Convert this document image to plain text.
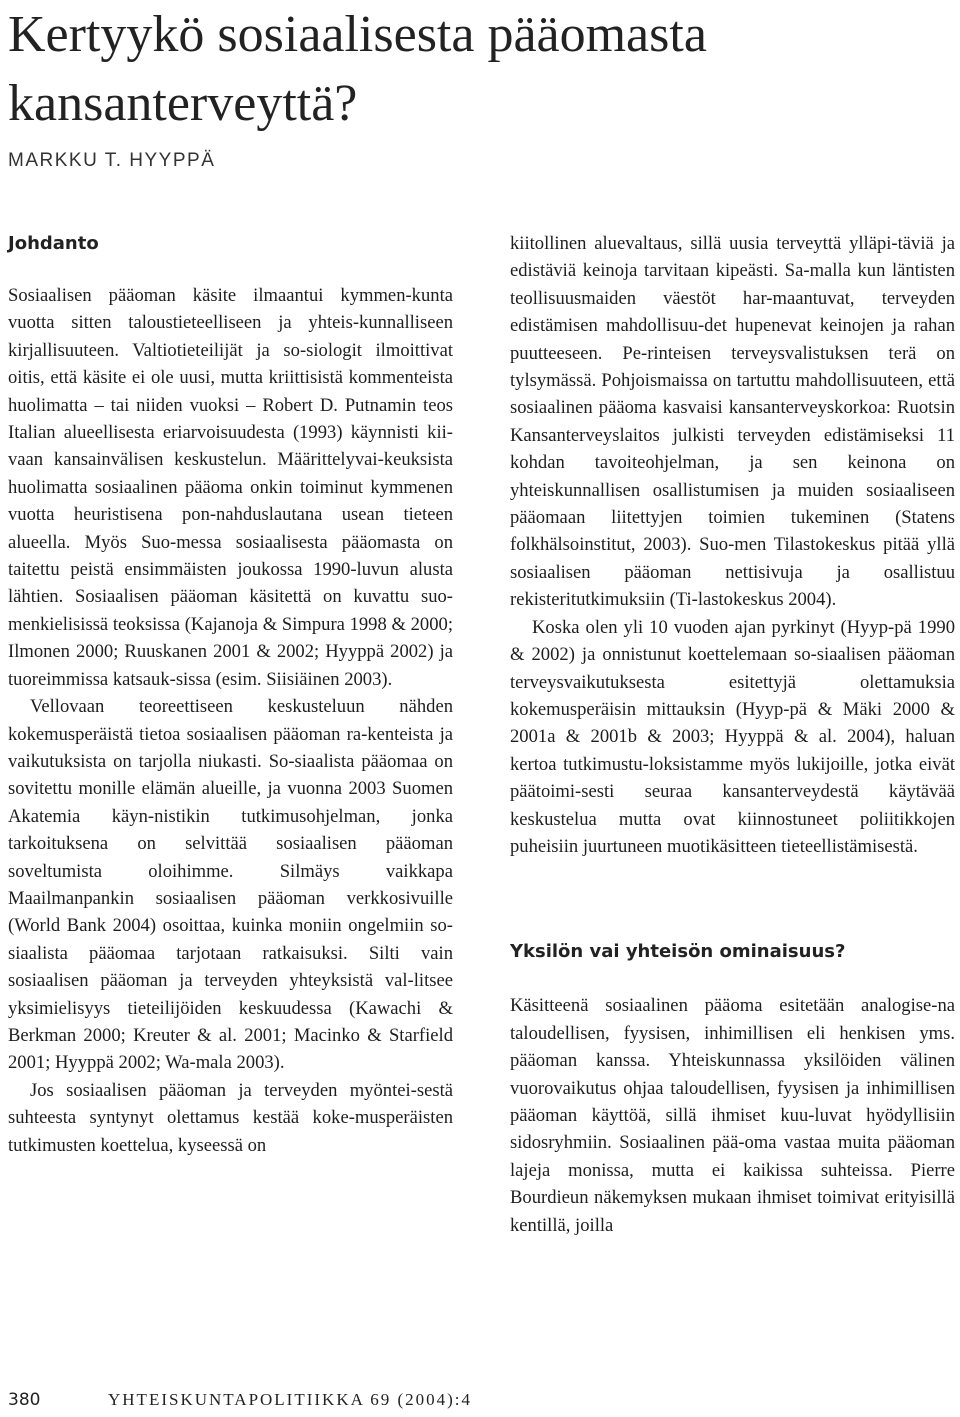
Kertyykö sosiaalisesta pääomasta kansanterveyttä?
MARKKU T. HYYPPÄ
Johdanto

Sosiaalisen pääoman käsite ilmaantui kymmen-kunta vuotta sitten taloustieteelliseen ja yhteis-kunnalliseen kirjallisuuteen. Valtiotieteilijät ja so-siologit ilmoittivat oitis, että käsite ei ole uusi, mutta kriittisistä kommenteista huolimatta – tai niiden vuoksi – Robert D. Putnamin teos Italian alueellisesta eriarvoisuudesta (1993) käynnisti kii-vaan kansainvälisen keskustelun. Määrittelyvai-keuksista huolimatta sosiaalinen pääoma onkin toiminut kymmenen vuotta heuristisena pon-nahduslautana usean tieteen alueella. Myös Suo-messa sosiaalisesta pääomasta on taitettu peistä ensimmäisten joukossa 1990-luvun alusta lähtien. Sosiaalisen pääoman käsitettä on kuvattu suo-menkielisissä teoksissa (Kajanoja & Simpura 1998 & 2000; Ilmonen 2000; Ruuskanen 2001 & 2002; Hyyppä 2002) ja tuoreimmissa katsauk-sissa (esim. Siisiäinen 2003).

Vellovaan teoreettiseen keskusteluun nähden kokemusperäistä tietoa sosiaalisen pääoman ra-kenteista ja vaikutuksista on tarjolla niukasti. So-siaalista pääomaa on sovitettu monille elämän alueille, ja vuonna 2003 Suomen Akatemia käyn-nistikin tutkimusohjelman, jonka tarkoituksena on selvittää sosiaalisen pääoman soveltumista oloihimme. Silmäys vaikkapa Maailmanpankin sosiaalisen pääoman verkkosivuille (World Bank 2004) osoittaa, kuinka moniin ongelmiin so-siaalista pääomaa tarjotaan ratkaisuksi. Silti vain sosiaalisen pääoman ja terveyden yhteyksistä val-litsee yksimielisyys tieteilijöiden keskuudessa (Kawachi & Berkman 2000; Kreuter & al. 2001; Macinko & Starfield 2001; Hyyppä 2002; Wa-mala 2003).

Jos sosiaalisen pääoman ja terveyden myöntei-sestä suhteesta syntynyt olettamus kestää koke-musperäisten tutkimusten koettelua, kyseessä on

kiitollinen aluevaltaus, sillä uusia terveyttä ylläpi-täviä ja edistäviä keinoja tarvitaan kipeästi. Sa-malla kun läntisten teollisuusmaiden väestöt har-maantuvat, terveyden edistämisen mahdollisuu-det hupenevat keinojen ja rahan puutteeseen. Pe-rinteisen terveysvalistuksen terä on tylsymässä. Pohjoismaissa on tartuttu mahdollisuuteen, että sosiaalinen pääoma kasvaisi kansanterveyskorkoa: Ruotsin Kansanterveyslaitos julkisti terveyden edistämiseksi 11 kohdan tavoiteohjelman, ja sen keinona on yhteiskunnallisen osallistumisen ja muiden sosiaaliseen pääomaan liitettyjen toimien tukeminen (Statens folkhälsoinstitut, 2003). Suo-men Tilastokeskus pitää yllä sosiaalisen pääoman nettisivuja ja osallistuu rekisteritutkimuksiin (Ti-lastokeskus 2004).

Koska olen yli 10 vuoden ajan pyrkinyt (Hyyp-pä 1990 & 2002) ja onnistunut koettelemaan so-siaalisen pääoman terveysvaikutuksesta esitettyjä olettamuksia kokemusperäisin mittauksin (Hyyp-pä & Mäki 2000 & 2001a & 2001b & 2003; Hyyppä & al. 2004), haluan kertoa tutkimustu-loksistamme myös lukijoille, jotka eivät päätoimi-sesti seuraa kansanterveydestä käytävää keskustelua mutta ovat kiinnostuneet poliitikkojen puheisiin juurtuneen muotikäsitteen tieteellistämisestä.

Yksilön vai yhteisön ominaisuus?

Käsitteenä sosiaalinen pääoma esitetään analogise-na taloudellisen, fyysisen, inhimillisen eli henkisen yms. pääoman kanssa. Yhteiskunnassa yksilöiden välinen vuorovaikutus ohjaa taloudellisen, fyysisen ja inhimillisen pääoman käyttöä, sillä ihmiset kuu-luvat hyödyllisiin sidosryhmiin. Sosiaalinen pää-oma vastaa muita pääoman lajeja monissa, mutta ei kaikissa suhteissa. Pierre Bourdieun näkemyksen mukaan ihmiset toimivat erityisillä kentillä, joilla

380	YHTEISKUNTAPOLITIIKKA 69 (2004):4
